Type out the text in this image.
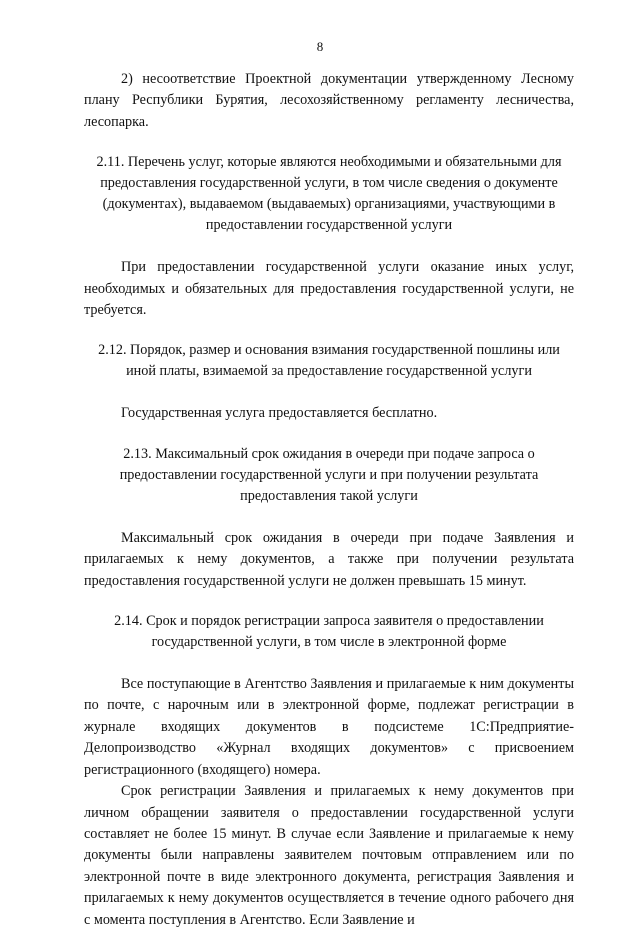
8

2) несоответствие Проектной документации утвержденному Лесному плану Республики Бурятия, лесохозяйственному регламенту лесничества, лесопарка.

2.11. Перечень услуг, которые являются необходимыми и обязательными для предоставления государственной услуги, в том числе сведения о документе (документах), выдаваемом (выдаваемых) организациями, участвующими в предоставлении государственной услуги

При предоставлении государственной услуги оказание иных услуг, необходимых и обязательных для предоставления государственной услуги, не требуется.

2.12. Порядок, размер и основания взимания государственной пошлины или иной платы, взимаемой за предоставление государственной услуги

Государственная услуга предоставляется бесплатно.

2.13. Максимальный срок ожидания в очереди при подаче запроса о предоставлении государственной услуги и при получении результата предоставления такой услуги

Максимальный срок ожидания в очереди при подаче Заявления и прилагаемых к нему документов, а также при получении результата предоставления государственной услуги не должен превышать 15 минут.

2.14. Срок и порядок регистрации запроса заявителя о предоставлении государственной услуги, в том числе в электронной форме

Все поступающие в Агентство Заявления и прилагаемые к ним документы по почте, с нарочным или в электронной форме, подлежат регистрации в журнале входящих документов в подсистеме 1С:Предприятие-Делопроизводство «Журнал входящих документов» с присвоением регистрационного (входящего) номера.

Срок регистрации Заявления и прилагаемых к нему документов при личном обращении заявителя о предоставлении государственной услуги составляет не более 15 минут. В случае если Заявление и прилагаемые к нему документы были направлены заявителем почтовым отправлением или по электронной почте в виде электронного документа, регистрация Заявления и прилагаемых к нему документов осуществляется в течение одного рабочего дня с момента поступления в Агентство. Если Заявление и
